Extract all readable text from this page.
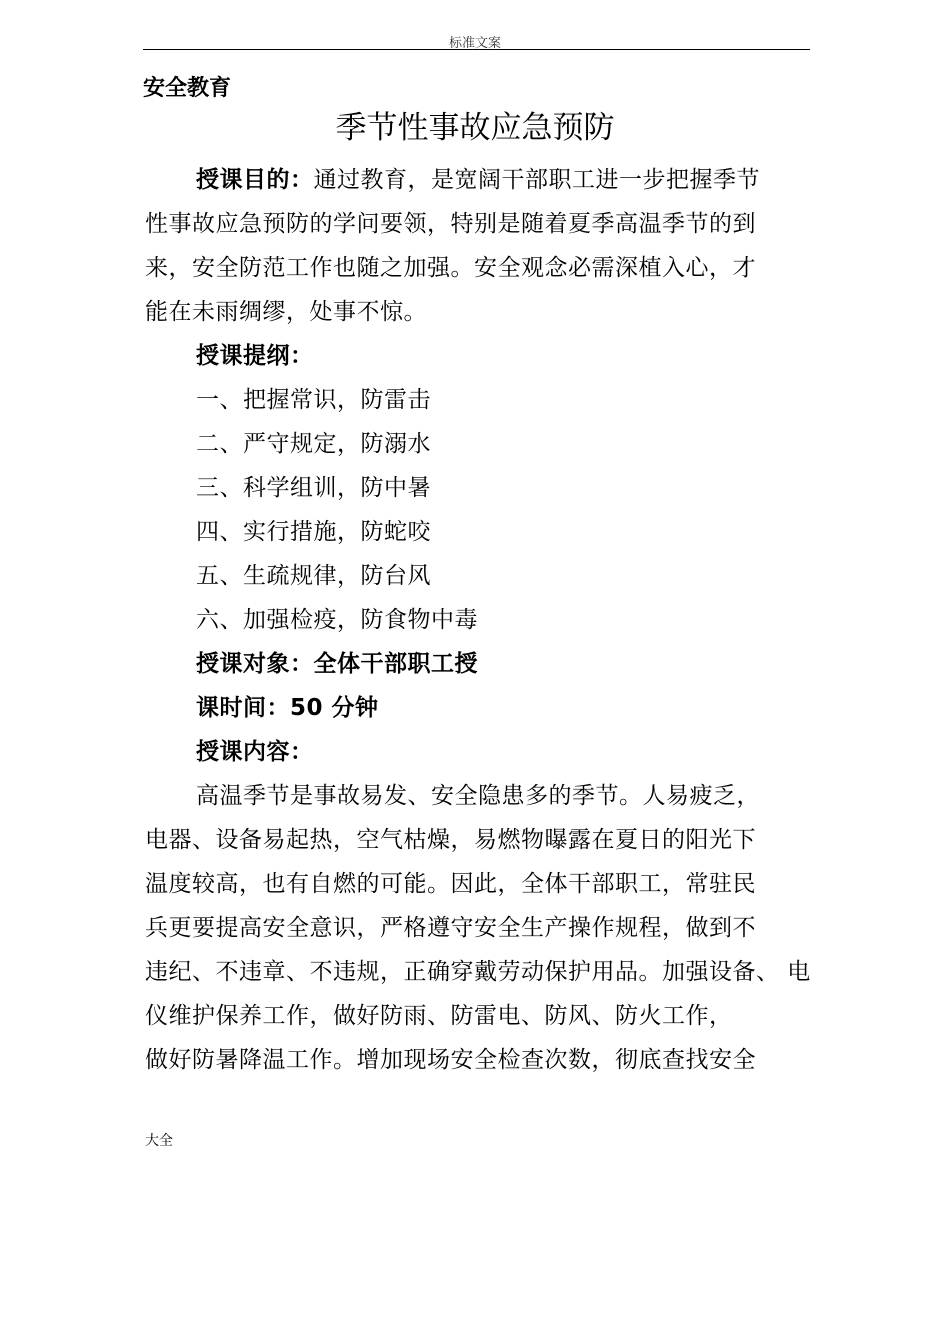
标准文案
安全教育
季节性事故应急预防
授课目的：通过教育，是宽阔干部职工进一步把握季节
性事故应急预防的学问要领，特别是随着夏季高温季节的到
来，安全防范工作也随之加强。安全观念必需深植入心，才
能在未雨绸缪，处事不惊。
授课提纲：
一、把握常识，防雷击
二、严守规定，防溺水
三、科学组训，防中暑
四、实行措施，防蛇咬
五、生疏规律，防台风
六、加强检疫，防食物中毒
授课对象：全体干部职工授
课时间：50 分钟
授课内容：
高温季节是事故易发、安全隐患多的季节。人易疲乏，
电器、设备易起热，空气枯燥，易燃物曝露在夏日的阳光下
温度较高，也有自燃的可能。因此，全体干部职工，常驻民
兵更要提高安全意识，严格遵守安全生产操作规程，做到不
违纪、不违章、不违规，正确穿戴劳动保护用品。加强设备、 电
仪维护保养工作，做好防雨、防雷电、防风、防火工作，
做好防暑降温工作。增加现场安全检查次数，彻底查找安全
大全
